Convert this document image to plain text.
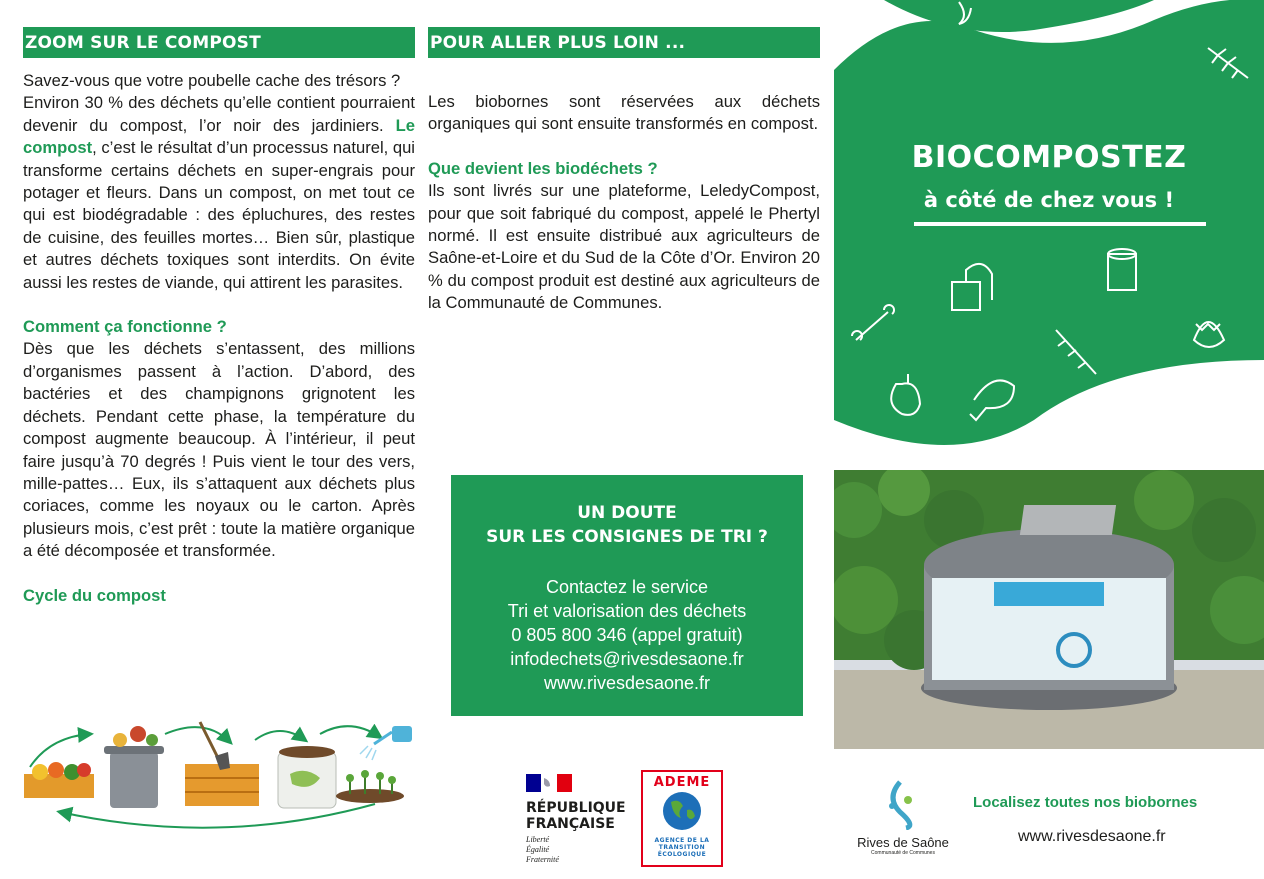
ZOOM SUR LE COMPOST

Savez-vous que votre poubelle cache des trésors ?

Environ 30 % des déchets qu’elle contient pourraient devenir du compost, l’or noir des jardiniers. Le compost, c’est le résultat d’un processus naturel, qui transforme certains déchets en super-engrais pour potager et fleurs. Dans un compost, on met tout ce qui est biodégradable : des épluchures, des restes de cuisine, des feuilles mortes… Bien sûr, plastique et autres déchets toxiques sont interdits. On évite aussi les restes de viande, qui attirent les parasites.

Comment ça fonctionne ?

Dès que les déchets s’entassent, des millions d’organismes passent à l’action. D’abord, des bactéries et des champignons grignotent les déchets. Pendant cette phase, la température du compost augmente beaucoup. À l’intérieur, il peut faire jusqu’à 70 degrés ! Puis vient le tour des vers, mille-pattes… Eux, ils s’attaquent aux déchets plus coriaces, comme les noyaux ou le carton. Après plusieurs mois, c’est prêt : toute la matière organique a été décomposée et transformée.

Cycle du compost

POUR ALLER PLUS LOIN ...

Les biobornes sont réservées aux déchets organiques qui sont ensuite transformés en compost.

Que devient les biodéchets ?

Ils sont livrés sur une plateforme, LeledyCompost, pour que soit fabriqué du compost, appelé le Phertyl normé. Il est ensuite distribué aux agriculteurs de Saône-et-Loire et du Sud de la Côte d’Or. Environ 20 % du compost produit est destiné aux agriculteurs de la Communauté de Communes.

UN DOUTE
SUR LES CONSIGNES DE TRI ?
Contactez le service
Tri et valorisation des déchets
0 805 800 346 (appel gratuit)
infodechets@rivesdesaone.fr
www.rivesdesaone.fr
BIOCOMPOSTEZ
à côté de chez vous !
RÉPUBLIQUE
FRANÇAISE
Liberté
Égalité
Fraternité
ADEME
AGENCE DE LA
TRANSITION
ÉCOLOGIQUE
Rives de Saône
Communauté de Communes
Localisez toutes nos biobornes
www.rivesdesaone.fr
